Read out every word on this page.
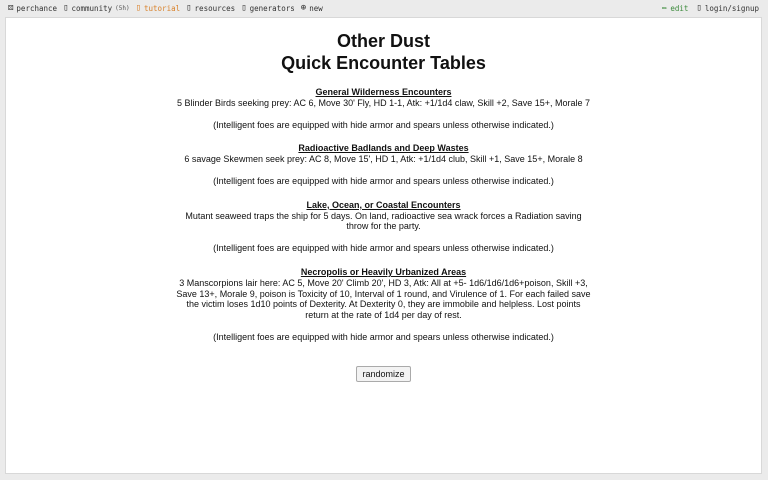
⚄ perchance ▯ community (5h) ▯ tutorial ▯ resources ▯ generators ⊕ new	✏ edit ▯ login/signup
Other Dust
Quick Encounter Tables
General Wilderness Encounters
5 Blinder Birds seeking prey: AC 6, Move 30' Fly, HD 1-1, Atk: +1/1d4 claw, Skill +2, Save 15+, Morale 7
(Intelligent foes are equipped with hide armor and spears unless otherwise indicated.)
Radioactive Badlands and Deep Wastes
6 savage Skewmen seek prey: AC 8, Move 15', HD 1, Atk: +1/1d4 club, Skill +1, Save 15+, Morale 8
(Intelligent foes are equipped with hide armor and spears unless otherwise indicated.)
Lake, Ocean, or Coastal Encounters
Mutant seaweed traps the ship for 5 days. On land, radioactive sea wrack forces a Radiation saving throw for the party.
(Intelligent foes are equipped with hide armor and spears unless otherwise indicated.)
Necropolis or Heavily Urbanized Areas
3 Manscorpions lair here: AC 5, Move 20' Climb 20', HD 3, Atk: All at +5- 1d6/1d6/1d6+poison, Skill +3, Save 13+, Morale 9, poison is Toxicity of 10, Interval of 1 round, and Virulence of 1. For each failed save the victim loses 1d10 points of Dexterity. At Dexterity 0, they are immobile and helpless. Lost points return at the rate of 1d4 per day of rest.
(Intelligent foes are equipped with hide armor and spears unless otherwise indicated.)
randomize
